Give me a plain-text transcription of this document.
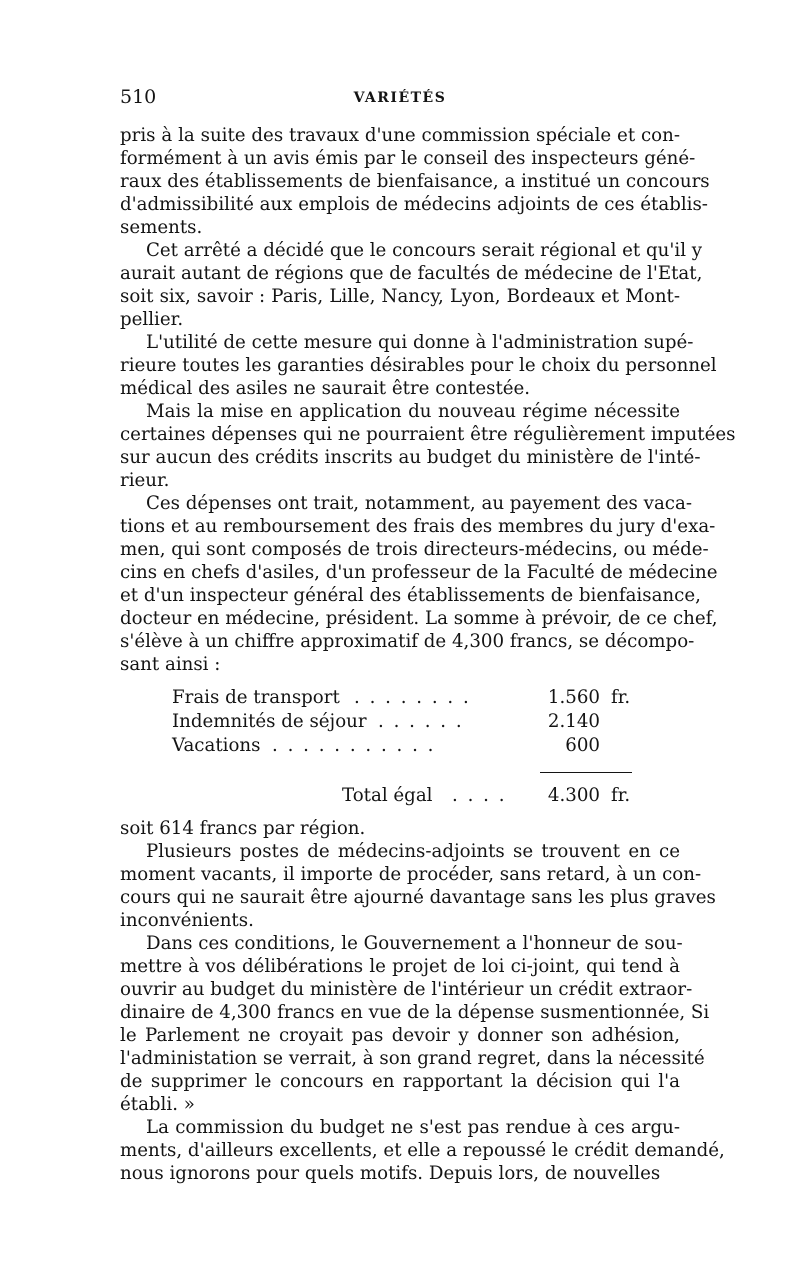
510	VARIÉTÉS
pris à la suite des travaux d'une commission spéciale et con-
formément à un avis émis par le conseil des inspecteurs géné-
raux des établissements de bienfaisance, a institué un concours
d'admissibilité aux emplois de médecins adjoints de ces établis-
sements.
Cet arrêté a décidé que le concours serait régional et qu'il y
aurait autant de régions que de facultés de médecine de l'Etat,
soit six, savoir : Paris, Lille, Nancy, Lyon, Bordeaux et Mont-
pellier.
L'utilité de cette mesure qui donne à l'administration supé-
rieure toutes les garanties désirables pour le choix du personnel
médical des asiles ne saurait être contestée.
Mais la mise en application du nouveau régime nécessite
certaines dépenses qui ne pourraient être régulièrement imputées
sur aucun des crédits inscrits au budget du ministère de l'inté-
rieur.
Ces dépenses ont trait, notamment, au payement des vaca-
tions et au remboursement des frais des membres du jury d'exa-
men, qui sont composés de trois directeurs-médecins, ou méde-
cins en chefs d'asiles, d'un professeur de la Faculté de médecine
et d'un inspecteur général des établissements de bienfaisance,
docteur en médecine, président. La somme à prévoir, de ce chef,
s'élève à un chiffre approximatif de 4,300 francs, se décompo-
sant ainsi :
Frais de transport . . . . . . . .	1.560 fr.
Indemnités de séjour . . . . . .	2.140
Vacations . . . . . . . . . . .	600
Total égal . . . . 4.300 fr.
soit 614 francs par région.
Plusieurs postes de médecins-adjoints se trouvent en ce
moment vacants, il importe de procéder, sans retard, à un con-
cours qui ne saurait être ajourné davantage sans les plus graves
inconvénients.
Dans ces conditions, le Gouvernement a l'honneur de sou-
mettre à vos délibérations le projet de loi ci-joint, qui tend à
ouvrir au budget du ministère de l'intérieur un crédit extraor-
dinaire de 4,300 francs en vue de la dépense susmentionnée, Si
le Parlement ne croyait pas devoir y donner son adhésion,
l'administation se verrait, à son grand regret, dans la nécessité
de supprimer le concours en rapportant la décision qui l'a
établi. »
La commission du budget ne s'est pas rendue à ces argu-
ments, d'ailleurs excellents, et elle a repoussé le crédit demandé,
nous ignorons pour quels motifs. Depuis lors, de nouvelles
